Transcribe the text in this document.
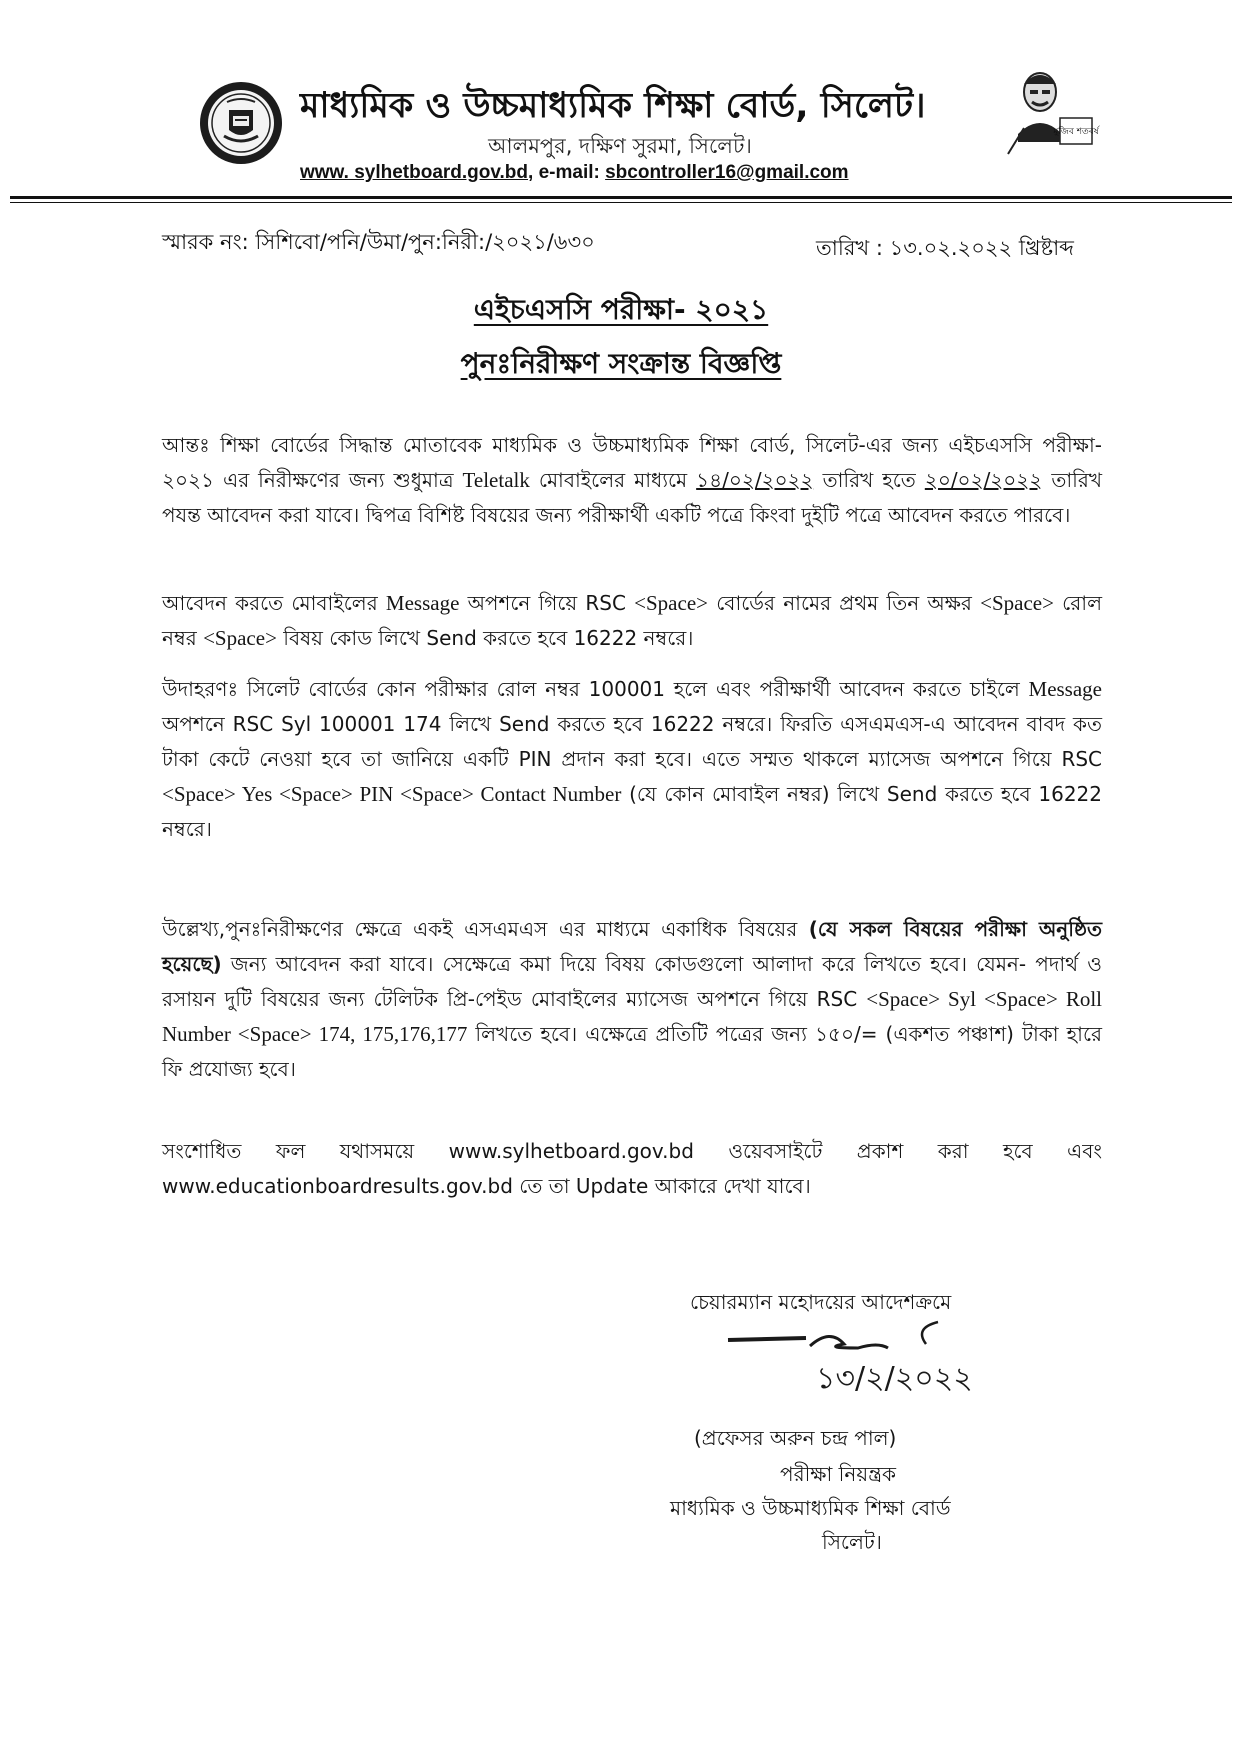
মাধ্যমিক ও উচ্চমাধ্যমিক শিক্ষা বোর্ড, সিলেট।
আলমপুর, দক্ষিণ সুরমা, সিলেট।
www. sylhetboard.gov.bd, e-mail: sbcontroller16@gmail.com
মুজিব শতবর্ষ
স্মারক নং: সিশিবো/পনি/উমা/পুন:নিরী:/২০২১/৬৩০	তারিখ : ১৩.০২.২০২২ খ্রিষ্টাব্দ
এইচএসসি পরীক্ষা- ২০২১
পুনঃনিরীক্ষণ সংক্রান্ত বিজ্ঞপ্তি
আন্তঃ শিক্ষা বোর্ডের সিদ্ধান্ত মোতাবেক মাধ্যমিক ও উচ্চমাধ্যমিক শিক্ষা বোর্ড, সিলেট-এর জন্য এইচএসসি পরীক্ষা- ২০২১ এর নিরীক্ষণের জন্য শুধুমাত্র Teletalk মোবাইলের মাধ্যমে ১৪/০২/২০২২ তারিখ হতে ২০/০২/২০২২ তারিখ পযন্ত আবেদন করা যাবে। দ্বিপত্র বিশিষ্ট বিষয়ের জন্য পরীক্ষার্থী একটি পত্রে কিংবা দুইটি পত্রে আবেদন করতে পারবে।
আবেদন করতে মোবাইলের Message অপশনে গিয়ে RSC <Space> বোর্ডের নামের প্রথম তিন অক্ষর <Space> রোল নম্বর <Space> বিষয় কোড লিখে Send করতে হবে 16222 নম্বরে।
উদাহরণঃ সিলেট বোর্ডের কোন পরীক্ষার রোল নম্বর 100001 হলে এবং পরীক্ষার্থী আবেদন করতে চাইলে Message অপশনে RSC Syl 100001 174 লিখে Send করতে হবে 16222 নম্বরে। ফিরতি এসএমএস-এ আবেদন বাবদ কত টাকা কেটে নেওয়া হবে তা জানিয়ে একটি PIN প্রদান করা হবে। এতে সম্মত থাকলে ম্যাসেজ অপশনে গিয়ে RSC <Space> Yes <Space> PIN <Space> Contact Number (যে কোন মোবাইল নম্বর) লিখে Send করতে হবে 16222 নম্বরে।
উল্লেখ্য,পুনঃনিরীক্ষণের ক্ষেত্রে একই এসএমএস এর মাধ্যমে একাধিক বিষয়ের (যে সকল বিষয়ের পরীক্ষা অনুষ্ঠিত হয়েছে) জন্য আবেদন করা যাবে। সেক্ষেত্রে কমা দিয়ে বিষয় কোডগুলো আলাদা করে লিখতে হবে। যেমন- পদার্থ ও রসায়ন দুটি বিষয়ের জন্য টেলিটক প্রি-পেইড মোবাইলের ম্যাসেজ অপশনে গিয়ে RSC <Space> Syl <Space> Roll Number <Space> 174, 175,176,177 লিখতে হবে। এক্ষেত্রে প্রতিটি পত্রের জন্য ১৫০/= (একশত পঞ্চাশ) টাকা হারে ফি প্রযোজ্য হবে।
সংশোধিত ফল যথাসময়ে www.sylhetboard.gov.bd ওয়েবসাইটে প্রকাশ করা হবে এবং www.educationboardresults.gov.bd তে তা Update আকারে দেখা যাবে।
চেয়ারম্যান মহোদয়ের আদেশক্রমে
১৩/২/২০২২
(প্রফেসর অরুন চন্দ্র পাল)
পরীক্ষা নিয়ন্ত্রক
মাধ্যমিক ও উচ্চমাধ্যমিক শিক্ষা বোর্ড
সিলেট।
